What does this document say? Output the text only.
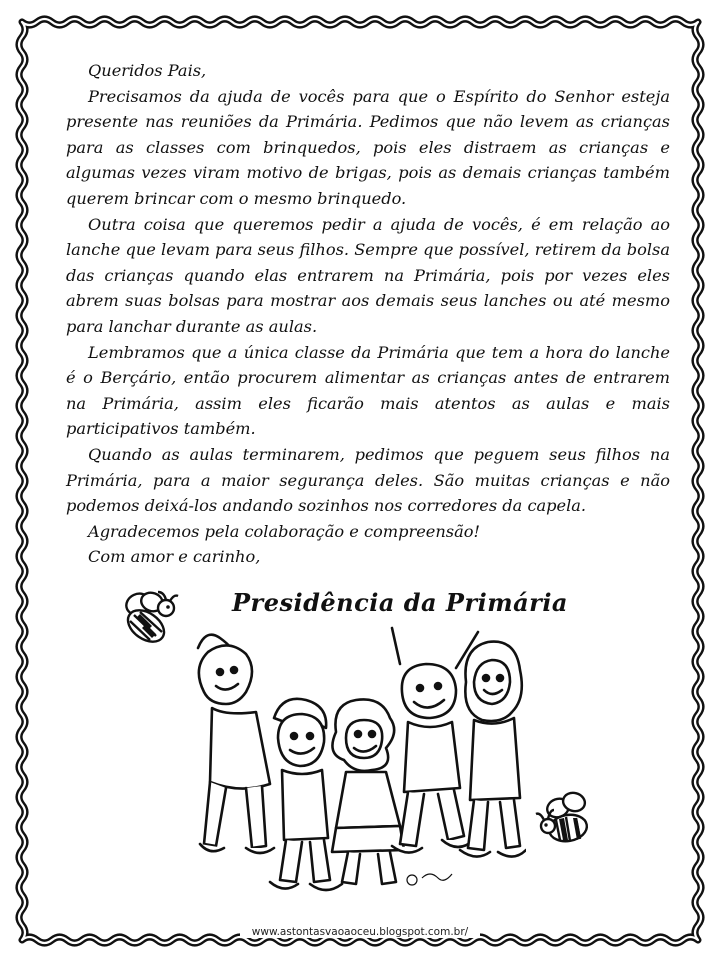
Queridos Pais,

Precisamos da ajuda de vocês para que o Espírito do Senhor esteja presente nas reuniões da Primária. Pedimos que não levem as crianças para as classes com brinquedos, pois eles distraem as crianças e algumas vezes viram motivo de brigas, pois as demais crianças também querem brincar com o mesmo brinquedo.

Outra coisa que queremos pedir a ajuda de vocês, é em relação ao lanche que levam para seus filhos. Sempre que possível, retirem da bolsa das crianças quando elas entrarem na Primária, pois por vezes eles abrem suas bolsas para mostrar aos demais seus lanches ou até mesmo para lanchar durante as aulas.

Lembramos que a única classe da Primária que tem a hora do lanche é o Berçário, então procurem alimentar as crianças antes de entrarem na Primária, assim eles ficarão mais atentos as aulas e mais participativos também.

Quando as aulas terminarem, pedimos que peguem seus filhos na Primária, para a maior segurança deles. São muitas crianças e não podemos deixá-los andando sozinhos nos corredores da capela.

Agradecemos pela colaboração e compreensão!

Com amor e carinho,

Presidência da Primária
www.astontasvaoaoceu.blogspot.com.br/
